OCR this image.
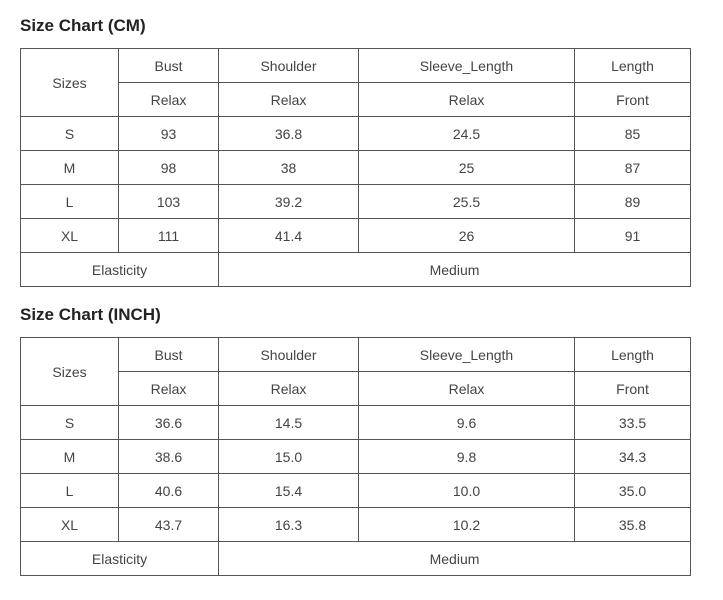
Size Chart (CM)
Sizes	Bust	Shoulder	Sleeve_Length	Length
	Relax	Relax	Relax	Front
S	93	36.8	24.5	85
M	98	38	25	87
L	103	39.2	25.5	89
XL	111	41.4	26	91
Elasticity		Medium		
Size Chart (INCH)
Sizes	Bust	Shoulder	Sleeve_Length	Length
	Relax	Relax	Relax	Front
S	36.6	14.5	9.6	33.5
M	38.6	15.0	9.8	34.3
L	40.6	15.4	10.0	35.0
XL	43.7	16.3	10.2	35.8
Elasticity		Medium		
